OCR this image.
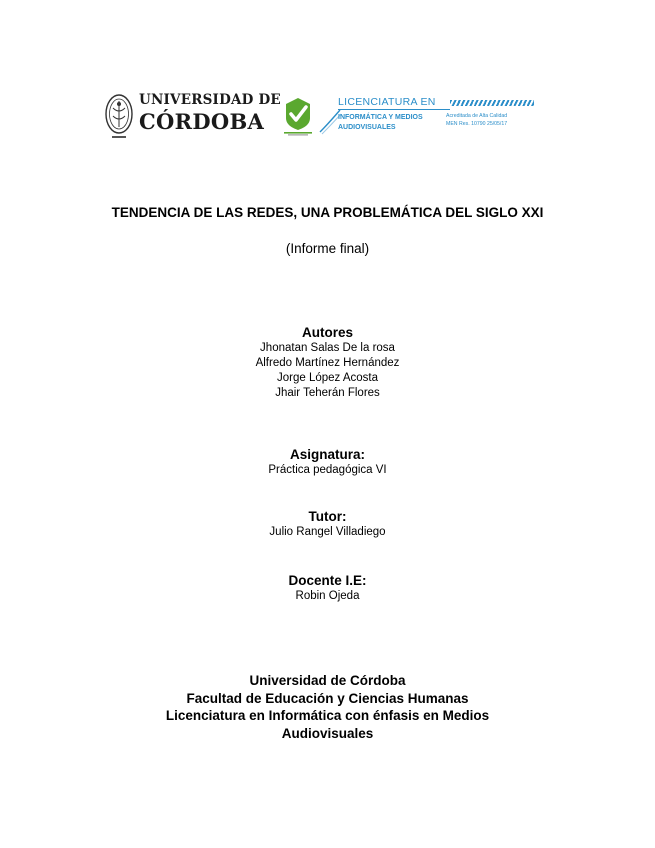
UNIVERSIDAD DE
CÓRDOBA
LICENCIATURA EN
INFORMÁTICA Y MEDIOS
AUDIOVISUALES
Acreditada de Alta Calidad
MEN Res. 10790 25/05/17
TENDENCIA DE LAS REDES, UNA PROBLEMÁTICA DEL SIGLO XXI
(Informe final)
Autores
Jhonatan Salas De la rosa
Alfredo Martínez Hernández
Jorge López Acosta
Jhair Teherán Flores
Asignatura:
Práctica pedagógica VI
Tutor:
Julio Rangel Villadiego
Docente I.E:
Robin Ojeda
Universidad de Córdoba
Facultad de Educación y Ciencias Humanas
Licenciatura en Informática con énfasis en Medios
Audiovisuales
